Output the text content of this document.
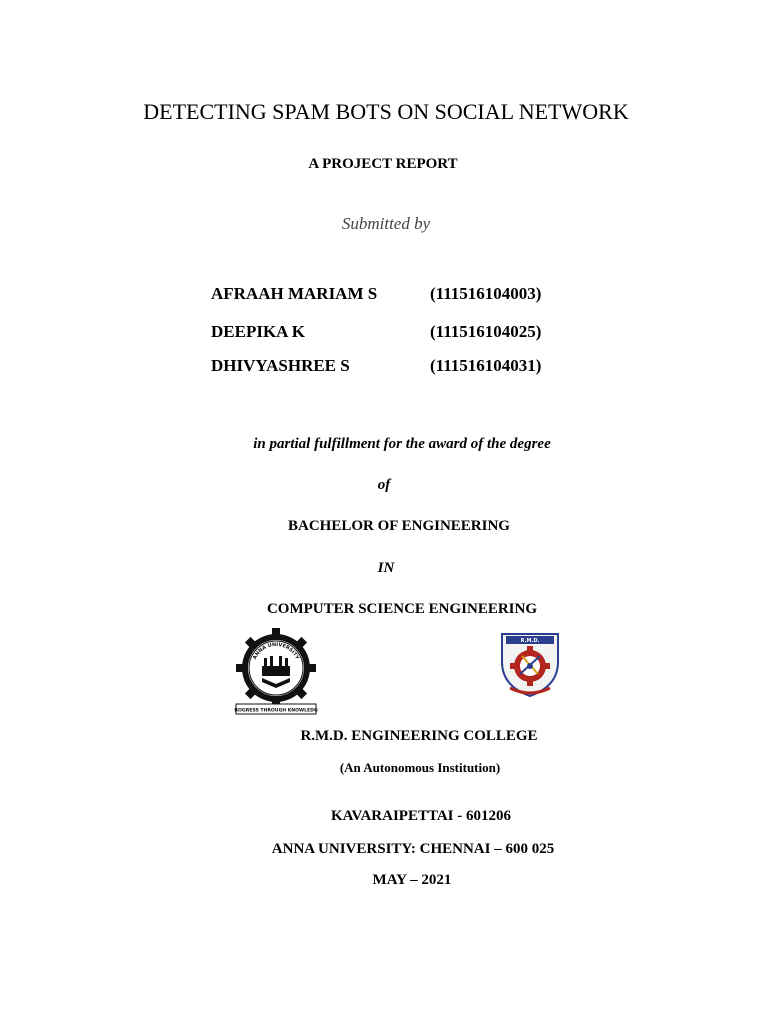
DETECTING SPAM BOTS ON SOCIAL NETWORK
A PROJECT REPORT
Submitted by
AFRAAH MARIAM S	(111516104003)
DEEPIKA K	(111516104025)
DHIVYASHREE S	(111516104031)
in partial fulfillment for the award of the degree
of
BACHELOR OF ENGINEERING
IN
COMPUTER SCIENCE ENGINEERING
ANNA UNIVERSITY
PROGRESS THROUGH KNOWLEDGE
R.M.D.
R.M.D. ENGINEERING COLLEGE
(An Autonomous Institution)
KAVARAIPETTAI - 601206
ANNA UNIVERSITY: CHENNAI – 600 025
MAY – 2021
